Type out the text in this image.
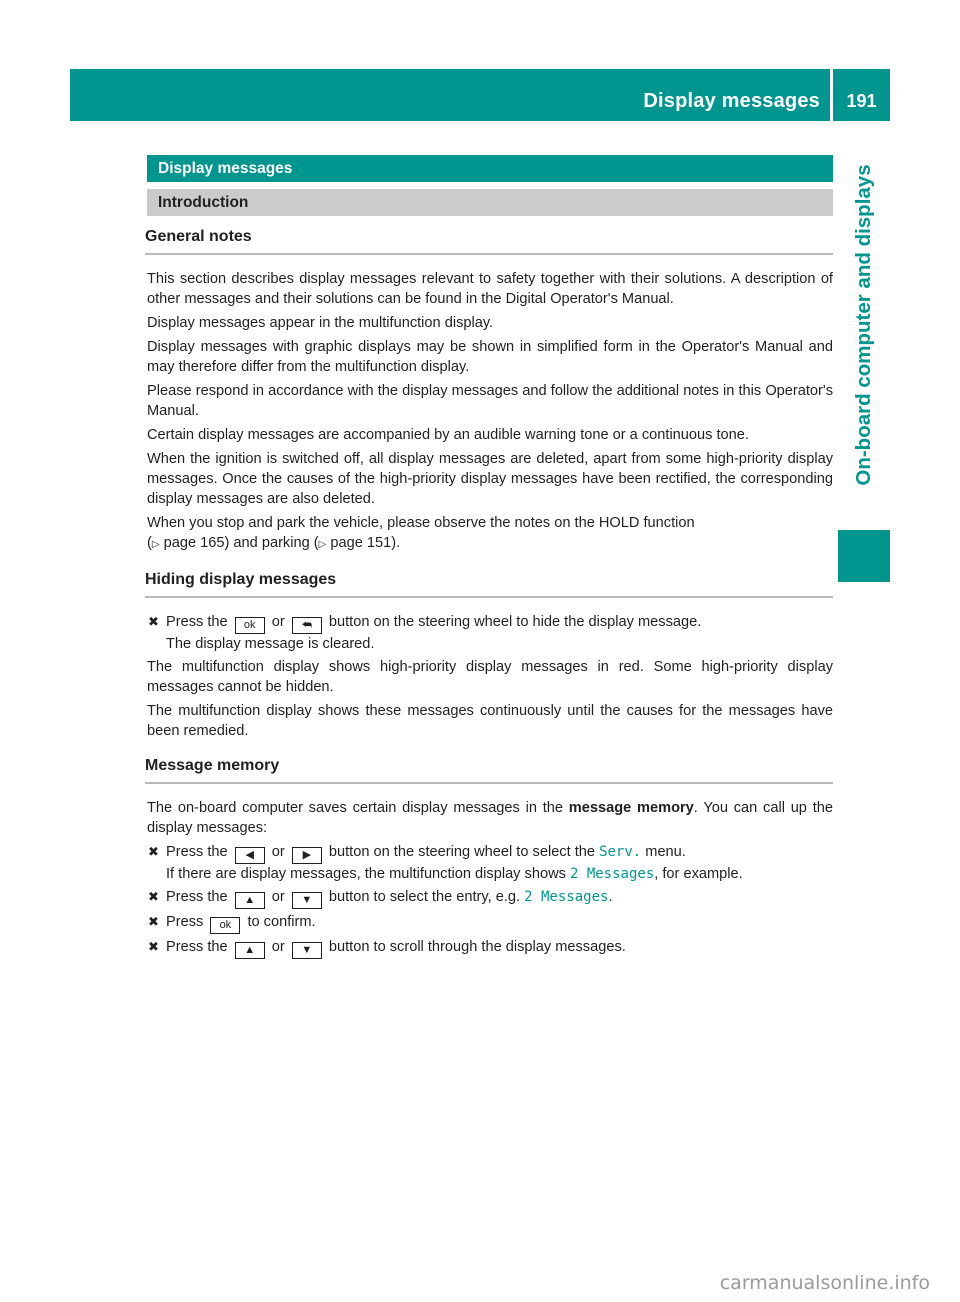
Display messages	191
On-board computer and displays
Display messages
Introduction
General notes

This section describes display messages relevant to safety together with their solutions. A description of other messages and their solutions can be found in the Digital Operator's Manual.

Display messages appear in the multifunction display.

Display messages with graphic displays may be shown in simplified form in the Operator's Manual and may therefore differ from the multifunction display.

Please respond in accordance with the display messages and follow the additional notes in this Operator's Manual.

Certain display messages are accompanied by an audible warning tone or a continuous tone.

When the ignition is switched off, all display messages are deleted, apart from some high-priority display messages. Once the causes of the high-priority display messages have been rectified, the corresponding display messages are also deleted.

When you stop and park the vehicle, please observe the notes on the HOLD function
(▷ page 165) and parking (▷ page 151).

Hiding display messages
✖ Press the ok or ⮪ button on the steering wheel to hide the display message.
The display message is cleared.

The multifunction display shows high-priority display messages in red. Some high-priority display messages cannot be hidden.

The multifunction display shows these messages continuously until the causes for the messages have been remedied.

Message memory

The on-board computer saves certain display messages in the message memory. You can call up the display messages:

✖ Press the ◀ or ▶ button on the steering wheel to select the Serv. menu.
If there are display messages, the multifunction display shows 2 Messages, for example.
✖ Press the ▲ or ▼ button to select the entry, e.g. 2 Messages.
✖ Press ok to confirm.
✖ Press the ▲ or ▼ button to scroll through the display messages.
carmanualsonline.info
